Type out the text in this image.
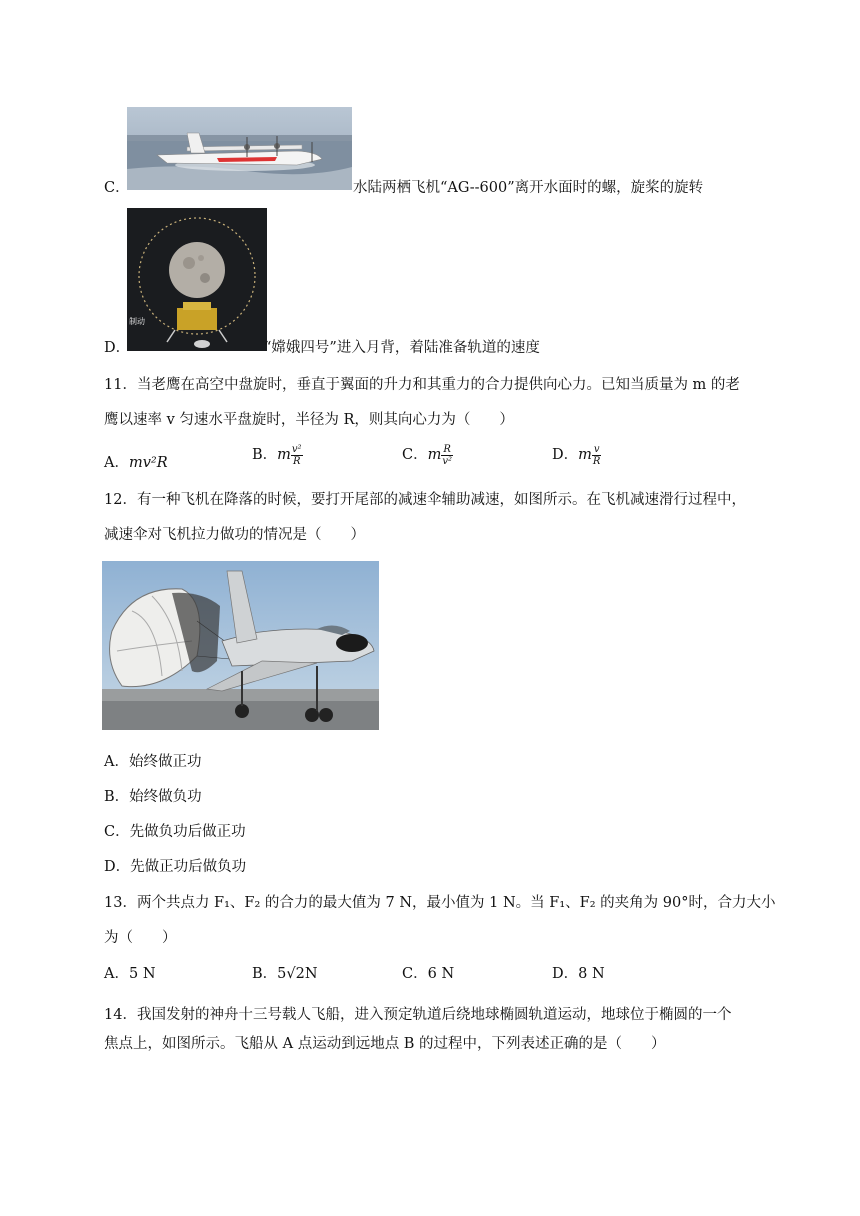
C．	水陆两栖飞机“AG--600”离开水面时的螺，旋桨的旋转
制动
D．	“嫦娥四号”进入月背，着陆准备轨道的速度
11．当老鹰在高空中盘旋时，垂直于翼面的升力和其重力的合力提供向心力。已知当质量为 m 的老
鹰以速率 v 匀速水平盘旋时，半径为 R，则其向心力为（　　）
A．mv²R	B．m $\frac{\text{v²}}{R}$	C．m $\frac{R}{\text{v²}}$	D．m $\frac{v}{R}$
12．有一种飞机在降落的时候，要打开尾部的减速伞辅助减速，如图所示。在飞机减速滑行过程中，
减速伞对飞机拉力做功的情况是（　　）
A．始终做正功
B．始终做负功
C．先做负功后做正功
D．先做正功后做负功
13．两个共点力 F₁、F₂ 的合力的最大值为 7 N，最小值为 1 N。当 F₁、F₂ 的夹角为 90°时，合力大小
为（　　）
A．5 N	B．5√2N	C．6 N	D．8 N
14．我国发射的神舟十三号载人飞船，进入预定轨道后绕地球椭圆轨道运动，地球位于椭圆的一个
焦点上，如图所示。飞船从 A 点运动到远地点 B 的过程中，下列表述正确的是（　　）
